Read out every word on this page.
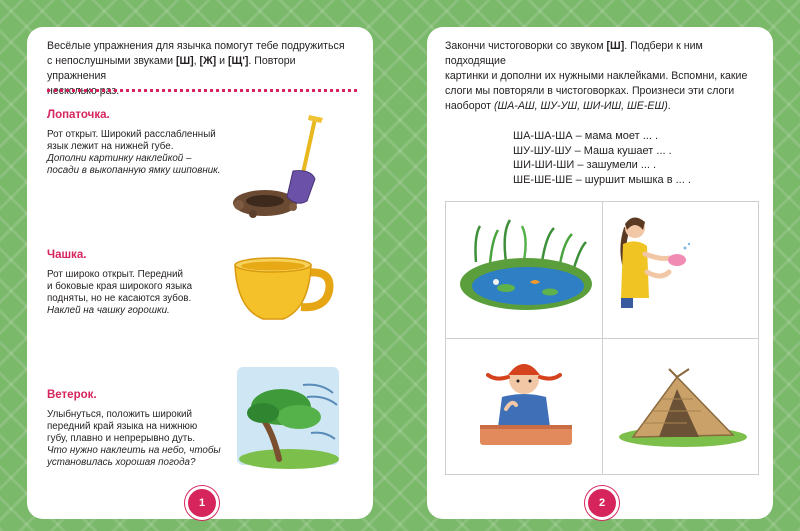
Весёлые упражнения для язычка помогут тебе подружиться
с непослушными звуками [Ш], [Ж] и [Щ']. Повтори упражнения
несколько раз.
Лопаточка.
Рот открыт. Широкий расслабленный
язык лежит на нижней губе.
Дополни картинку наклейкой –
посади в выкопанную ямку шиповник.
Чашка.
Рот широко открыт. Передний
и боковые края широкого языка
подняты, но не касаются зубов.
Наклей на чашку горошки.
Ветерок.
Улыбнуться, положить широкий
передний край языка на нижнюю
губу, плавно и непрерывно дуть.
Что нужно наклеить на небо, чтобы
установилась хорошая погода?
1
Закончи чистоговорки со звуком [Ш]. Подбери к ним подходящие
картинки и дополни их нужными наклейками. Вспомни, какие
слоги мы повторяли в чистоговорках. Произнеси эти слоги
наоборот (ША-АШ, ШУ-УШ, ШИ-ИШ, ШЕ-ЕШ).
ША-ША-ША – мама моет ... .
ШУ-ШУ-ШУ – Маша кушает ... .
ШИ-ШИ-ШИ – зашумели ... .
ШЕ-ШЕ-ШЕ – шуршит мышка в ... .
2
